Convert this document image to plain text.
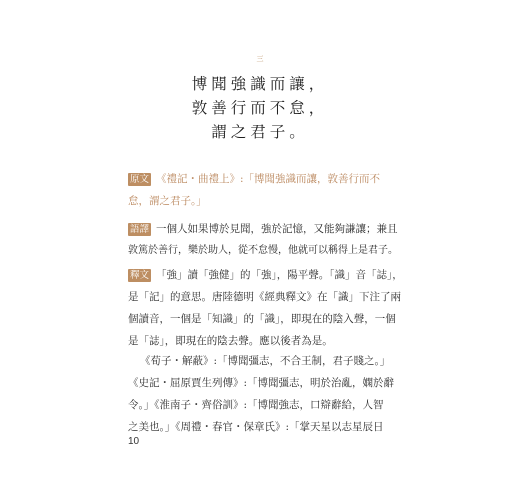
三
博聞強識而讓，
敦善行而不怠，
謂之君子。
原文 《禮記・曲禮上》:「博聞強識而讓，敦善行而不
怠，謂之君子。」
語譯 一個人如果博於見聞，強於記憶，又能夠謙讓；兼且
敦篤於善行，樂於助人，從不怠慢，他就可以稱得上是君子。
釋文 「強」讀「強健」的「強」，陽平聲。「識」音「誌」，
是「記」的意思。唐陸德明《經典釋文》在「識」下注了兩
個讀音，一個是「知識」的「識」，即現在的陰入聲，一個
是「誌」，即現在的陰去聲。應以後者為是。
《荀子・解蔽》:「博聞彊志，不合王制，君子賤之。」
《史記・屈原賈生列傳》:「博聞彊志，明於治亂，嫻於辭
令。」《淮南子・齊俗訓》:「博聞強志，口辯辭給，人智
之美也。」《周禮・春官・保章氏》:「掌天星以志星辰日
10
